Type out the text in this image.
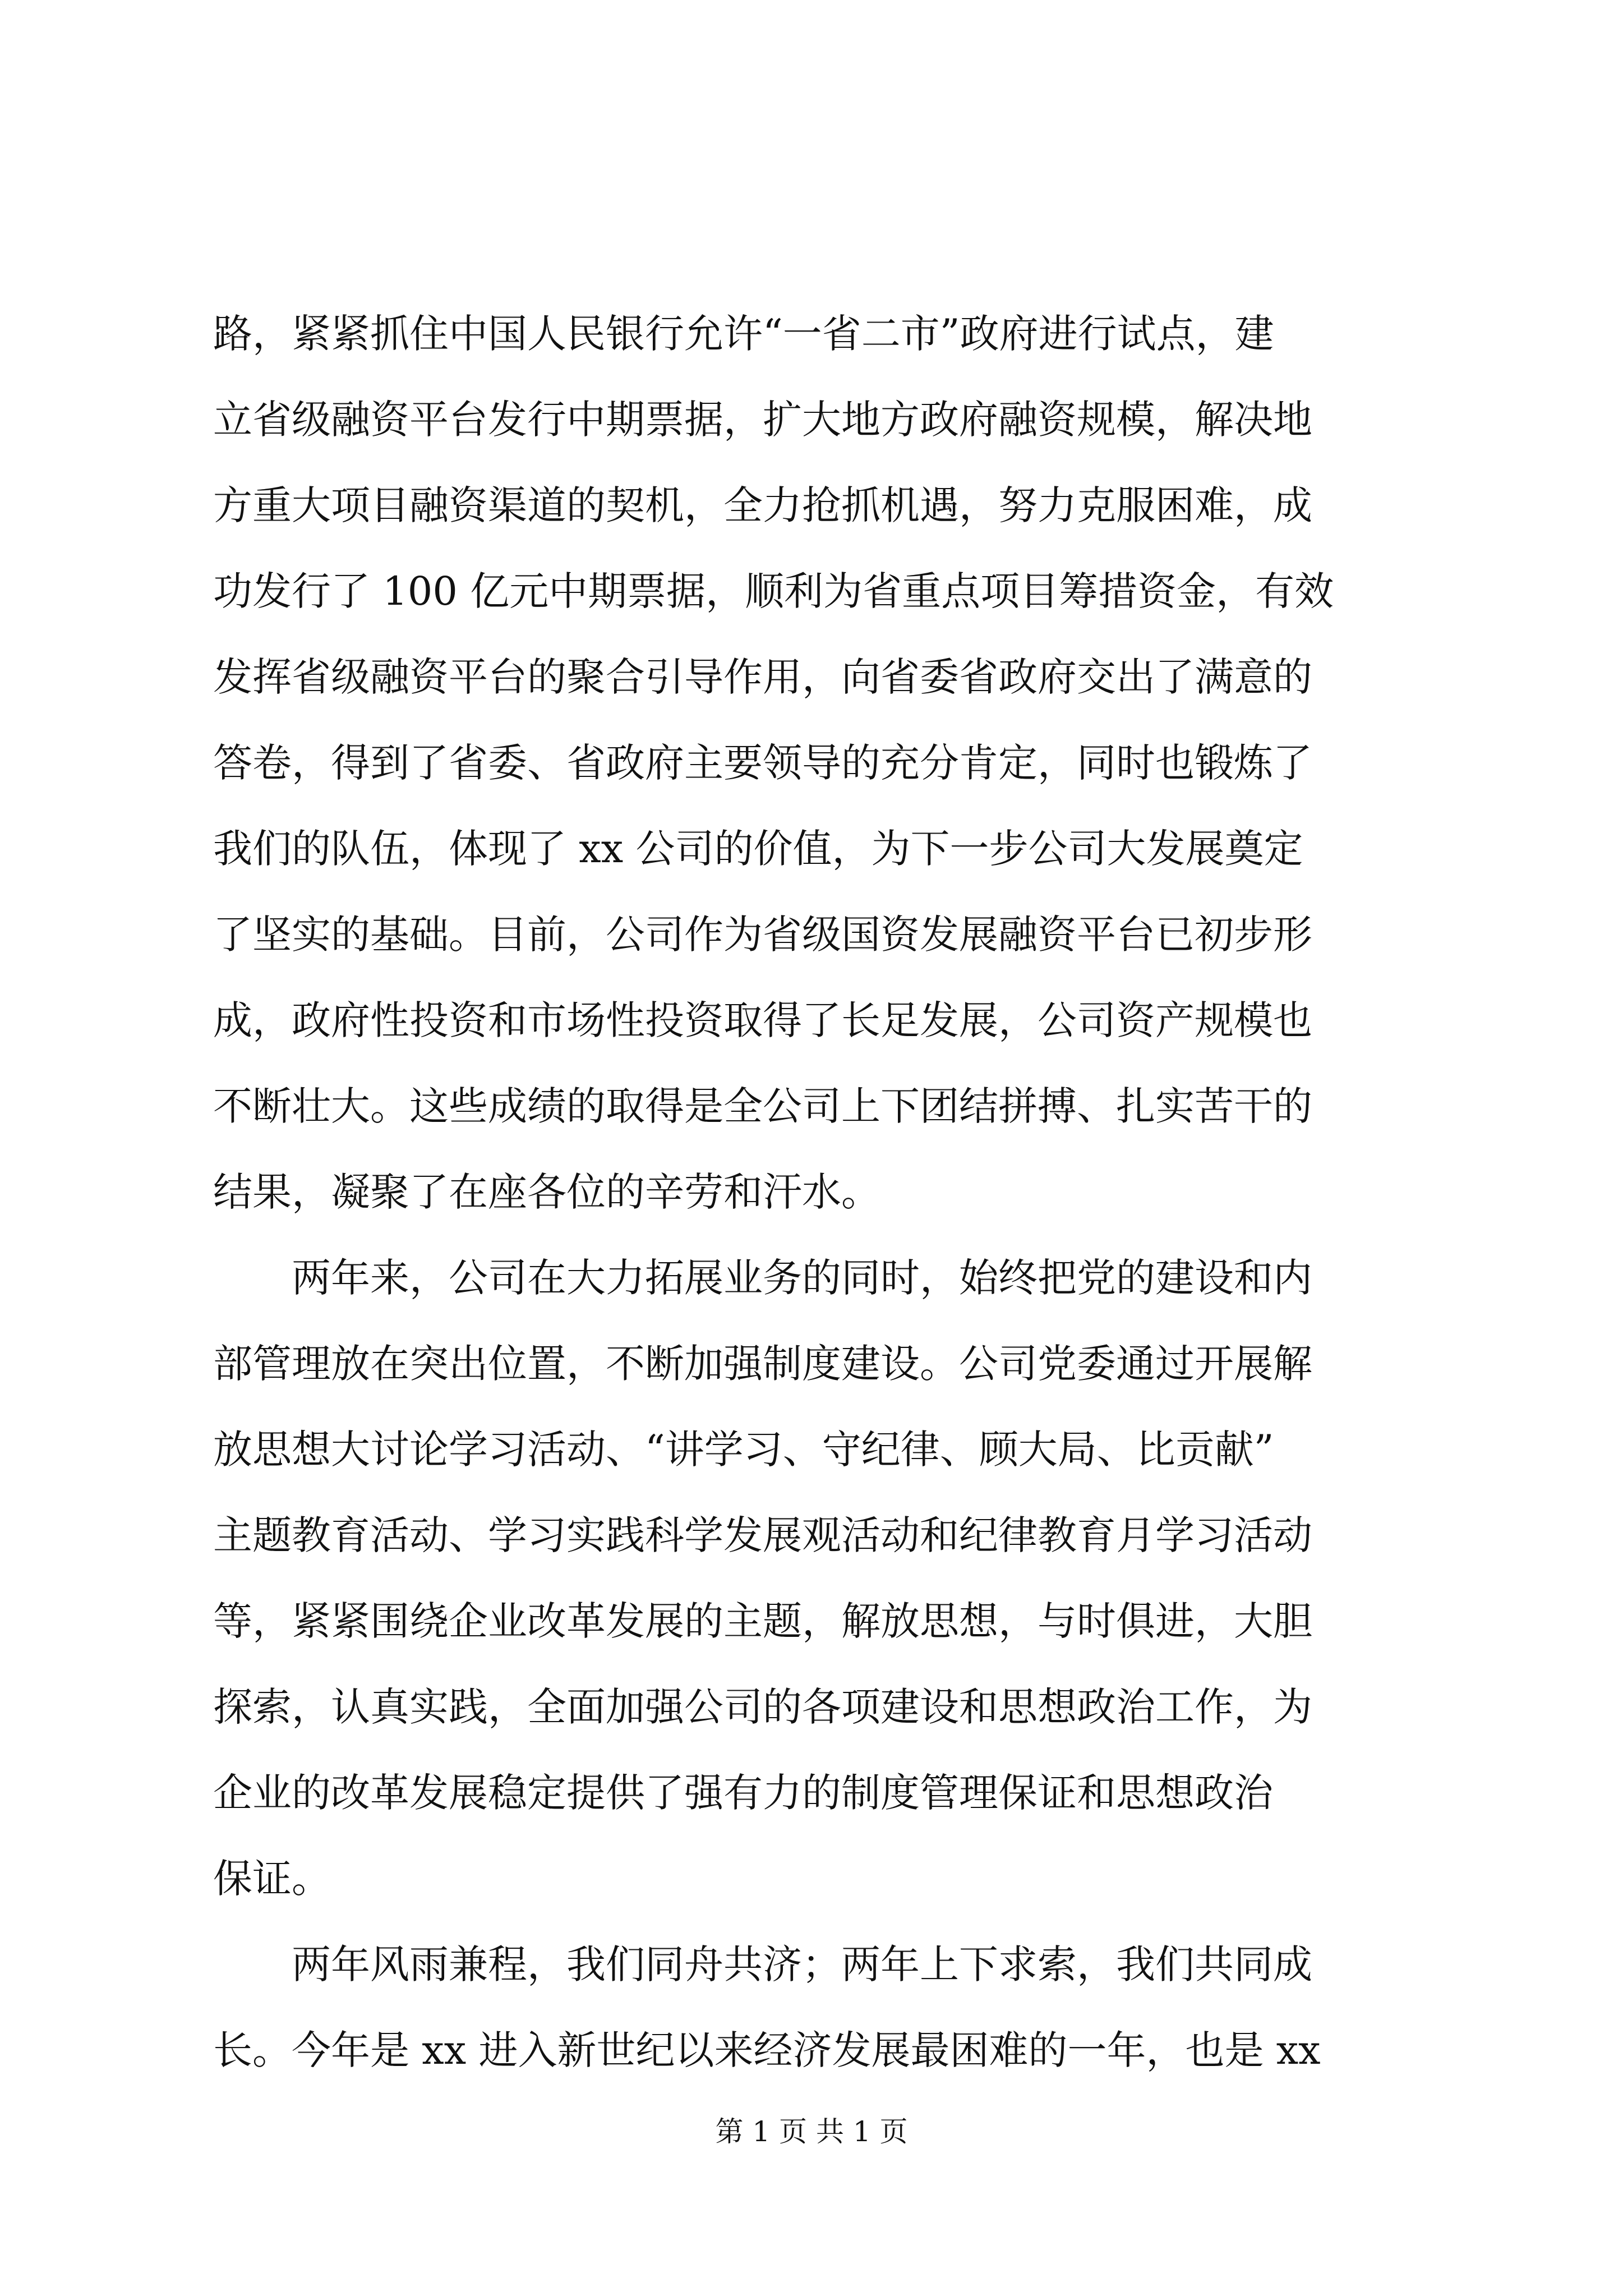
路，紧紧抓住中国人民银行允许“一省二市”政府进行试点，建
立省级融资平台发行中期票据，扩大地方政府融资规模，解决地
方重大项目融资渠道的契机，全力抢抓机遇，努力克服困难，成
功发行了 100 亿元中期票据，顺利为省重点项目筹措资金，有效
发挥省级融资平台的聚合引导作用，向省委省政府交出了满意的
答卷，得到了省委、省政府主要领导的充分肯定，同时也锻炼了
我们的队伍，体现了 xx 公司的价值，为下一步公司大发展奠定
了坚实的基础。目前，公司作为省级国资发展融资平台已初步形
成，政府性投资和市场性投资取得了长足发展，公司资产规模也
不断壮大。这些成绩的取得是全公司上下团结拼搏、扎实苦干的
结果，凝聚了在座各位的辛劳和汗水。
两年来，公司在大力拓展业务的同时，始终把党的建设和内
部管理放在突出位置，不断加强制度建设。公司党委通过开展解
放思想大讨论学习活动、“讲学习、守纪律、顾大局、比贡献”
主题教育活动、学习实践科学发展观活动和纪律教育月学习活动
等，紧紧围绕企业改革发展的主题，解放思想，与时俱进，大胆
探索，认真实践，全面加强公司的各项建设和思想政治工作，为
企业的改革发展稳定提供了强有力的制度管理保证和思想政治
保证。
两年风雨兼程，我们同舟共济；两年上下求索，我们共同成
长。今年是 xx 进入新世纪以来经济发展最困难的一年，也是 xx
第 1 页 共 1 页
